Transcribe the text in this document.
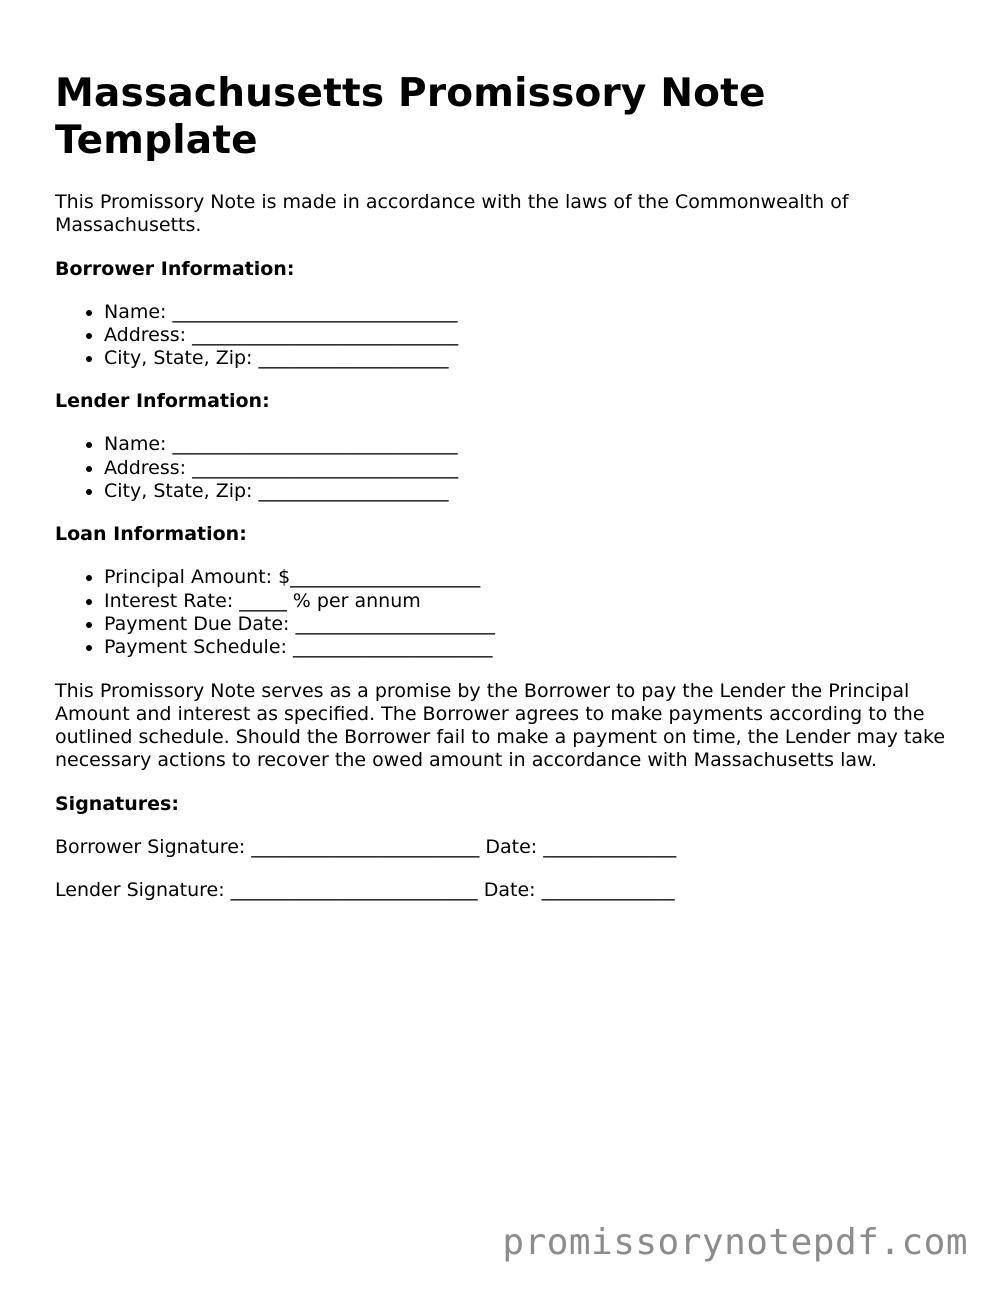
Massachusetts Promissory Note Template

This Promissory Note is made in accordance with the laws of the Commonwealth of Massachusetts.

Borrower Information:
• Name: ______________________________
• Address: ____________________________
• City, State, Zip: ____________________
Lender Information:
• Name: ______________________________
• Address: ____________________________
• City, State, Zip: ____________________
Loan Information:
• Principal Amount: $____________________
• Interest Rate: _____ % per annum
• Payment Due Date: _____________________
• Payment Schedule: _____________________

This Promissory Note serves as a promise by the Borrower to pay the Lender the Principal Amount and interest as specified. The Borrower agrees to make payments according to the outlined schedule. Should the Borrower fail to make a payment on time, the Lender may take necessary actions to recover the owed amount in accordance with Massachusetts law.

Signatures:
Borrower Signature: ________________________ Date: ______________
Lender Signature: __________________________ Date: ______________
promissorynotepdf.com
